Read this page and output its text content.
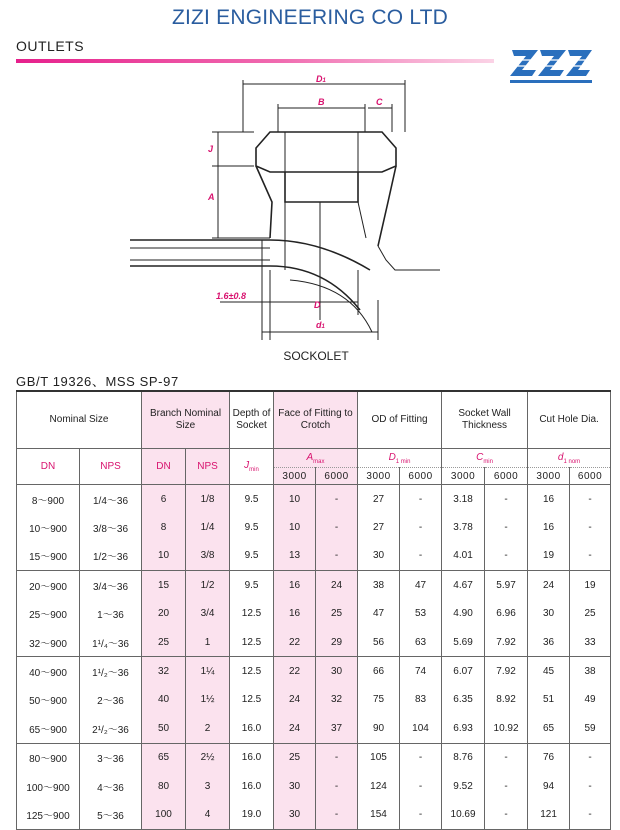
ZIZI ENGINEERING CO LTD
OUTLETS
D1
B	C
J
A
1.6±0.8
D
d1
SOCKOLET
GB/T 19326、MSS SP-97
Nominal Size		Branch Nominal Size		Depth of Socket	Face of Fitting to Crotch		OD of Fitting		Socket Wall Thickness		Cut Hole Dia.	
DN	NPS	DN	NPS	$J_{min}$	$A_{max}$		$D_{1 min}$		$C_{min}$		$d_{1 nom}$
					3000	6000	3000	6000	3000	6000	3000	6000
8～900	1/4～36	6	1/8	9.5	10	-	27	-	3.18	-	16	-
10～900	3/8～36	8	1/4	9.5	10	-	27	-	3.78	-	16	-
15～900	1/2～36	10	3/8	9.5	13	-	30	-	4.01	-	19	-
20～900	3/4～36	15	1/2	9.5	16	24	38	47	4.67	5.97	24	19
25～900	1～36	20	3/4	12.5	16	25	47	53	4.90	6.96	30	25
32～900	1¹/₄～36	25	1	12.5	22	29	56	63	5.69	7.92	36	33
40～900	1¹/₂～36	32	1¼	12.5	22	30	66	74	6.07	7.92	45	38
50～900	2～36	40	1½	12.5	24	32	75	83	6.35	8.92	51	49
65～900	2¹/₂～36	50	2	16.0	24	37	90	104	6.93	10.92	65	59
80～900	3～36	65	2½	16.0	25	-	105	-	8.76	-	76	-
100～900	4～36	80	3	16.0	30	-	124	-	9.52	-	94	-
125～900	5～36	100	4	19.0	30	-	154	-	10.69	-	121	-
